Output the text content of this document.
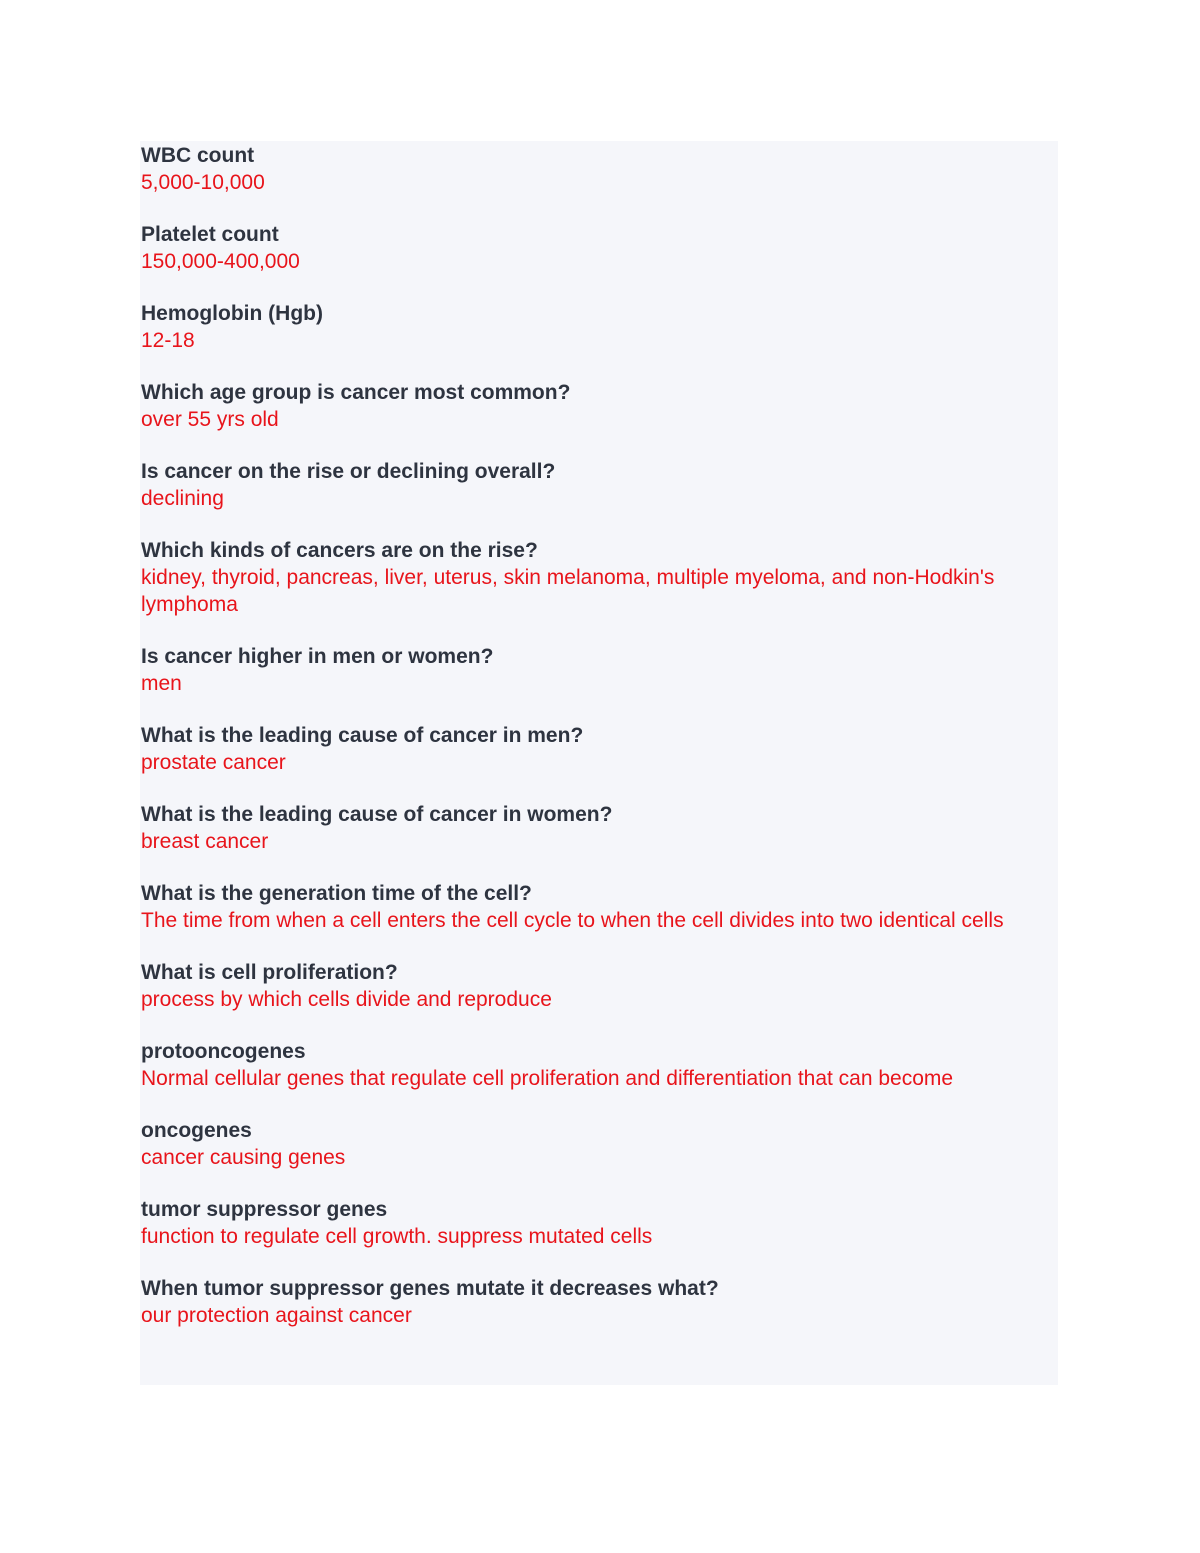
WBC count

5,000-10,000

Platelet count

150,000-400,000

Hemoglobin (Hgb)

12-18

Which age group is cancer most common?

over 55 yrs old

Is cancer on the rise or declining overall?

declining

Which kinds of cancers are on the rise?

kidney, thyroid, pancreas, liver, uterus, skin melanoma, multiple myeloma, and non-Hodkin's lymphoma

Is cancer higher in men or women?

men

What is the leading cause of cancer in men?

prostate cancer

What is the leading cause of cancer in women?

breast cancer

What is the generation time of the cell?

The time from when a cell enters the cell cycle to when the cell divides into two identical cells

What is cell proliferation?

process by which cells divide and reproduce

protooncogenes

Normal cellular genes that regulate cell proliferation and differentiation that can become

oncogenes

cancer causing genes

tumor suppressor genes

function to regulate cell growth. suppress mutated cells

When tumor suppressor genes mutate it decreases what?

our protection against cancer
